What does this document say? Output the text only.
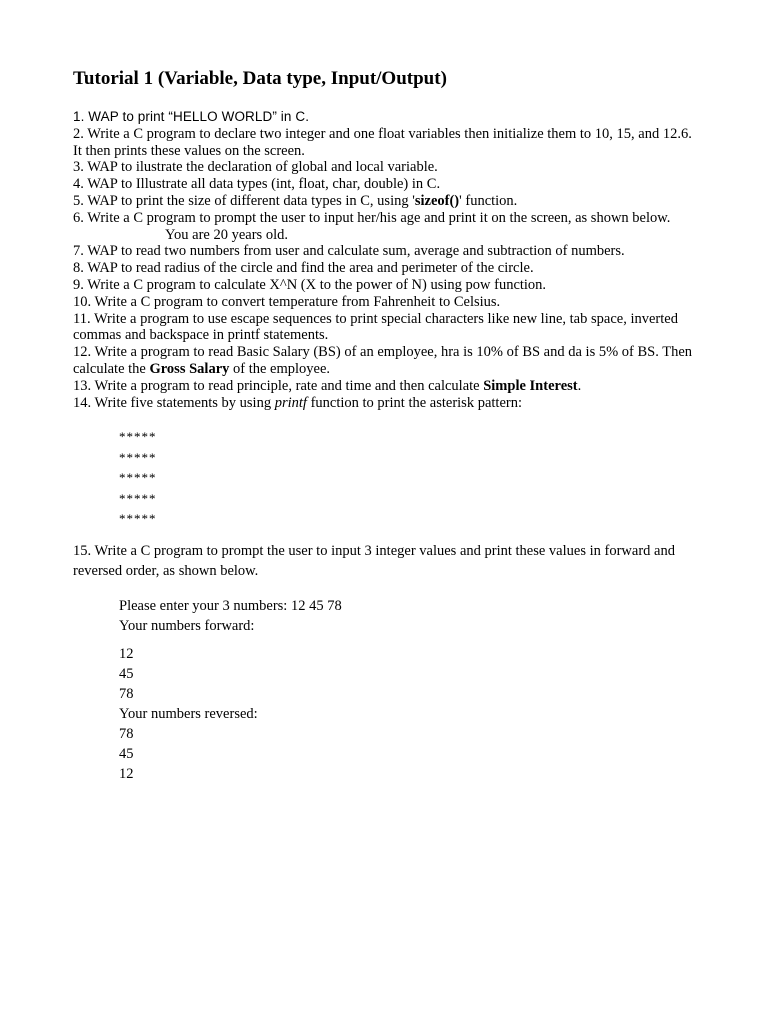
Tutorial 1 (Variable, Data type, Input/Output)

1. WAP to print “HELLO WORLD” in C.

2. Write a C program to declare two integer and one float variables then initialize them to 10, 15, and 12.6. It then prints these values on the screen.

3. WAP to ilustrate the declaration of global and local variable.

4. WAP to Illustrate all data types (int, float, char, double) in C.

5. WAP to print the size of different data types in C, using 'sizeof()' function.

6. Write a C program to prompt the user to input her/his age and print it on the screen, as shown below.

You are 20 years old.

7. WAP to read two numbers from user and calculate sum, average and subtraction of numbers.

8. WAP to read radius of the circle and find the area and perimeter of the circle.

9. Write a C program to calculate X^N (X to the power of N) using pow function.

10. Write a C program to convert temperature from Fahrenheit to Celsius.

11. Write a program to use escape sequences to print special characters like new line, tab space, inverted commas and backspace in printf statements.

12. Write a program to read Basic Salary (BS) of an employee, hra is 10% of BS and da is 5% of BS. Then calculate the Gross Salary of the employee.

13. Write a program to read principle, rate and time and then calculate Simple Interest.

14. Write five statements by using printf function to print the asterisk pattern:

*****
*****
*****
*****
*****

15. Write a C program to prompt the user to input 3 integer values and print these values in forward and reversed order, as shown below.

Please enter your 3 numbers: 12 45 78
Your numbers forward:
12
45
78
Your numbers reversed:
78
45
12
